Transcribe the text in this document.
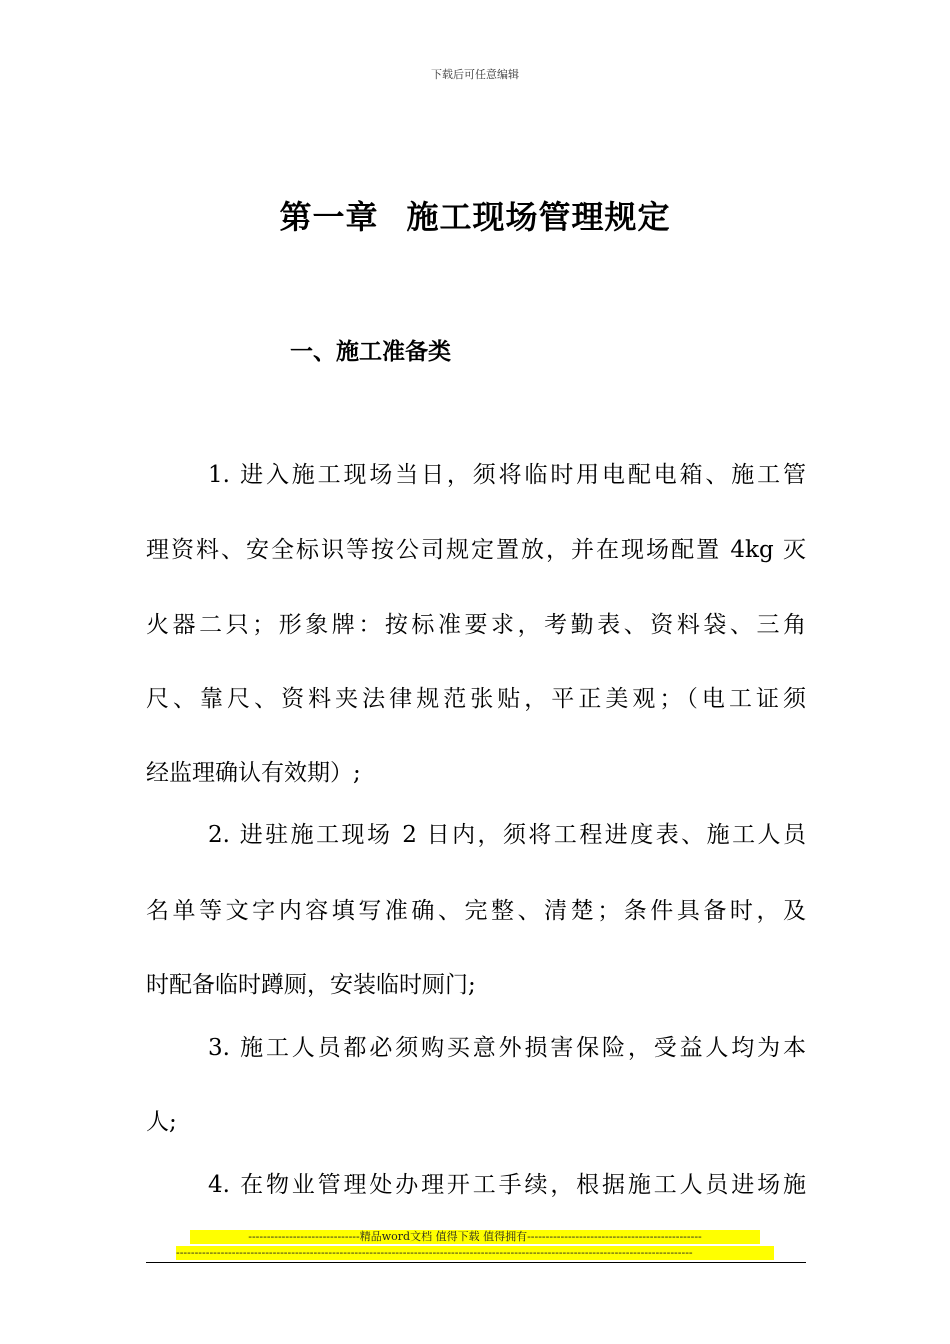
下载后可任意编辑
第一章 施工现场管理规定
一、施工准备类
1. 进入施工现场当日，须将临时用电配电箱、施工管
理资料、安全标识等按公司规定置放，并在现场配置 4kg 灭
火器二只；形象牌：按标准要求，考勤表、资料袋、三角
尺、靠尺、资料夹法律规范张贴，平正美观；（电工证须
经监理确认有效期）;
2. 进驻施工现场 2 日内，须将工程进度表、施工人员
名单等文字内容填写准确、完整、清楚；条件具备时，及
时配备临时蹲厕，安装临时厕门;
3. 施工人员都必须购买意外损害保险，受益人均为本
人;
4. 在物业管理处办理开工手续，根据施工人员进场施
------------------------------精品word文档 值得下载 值得拥有-----------------------------------------------
-------------------------------------------------------------------------------------------------------------------------------------------
